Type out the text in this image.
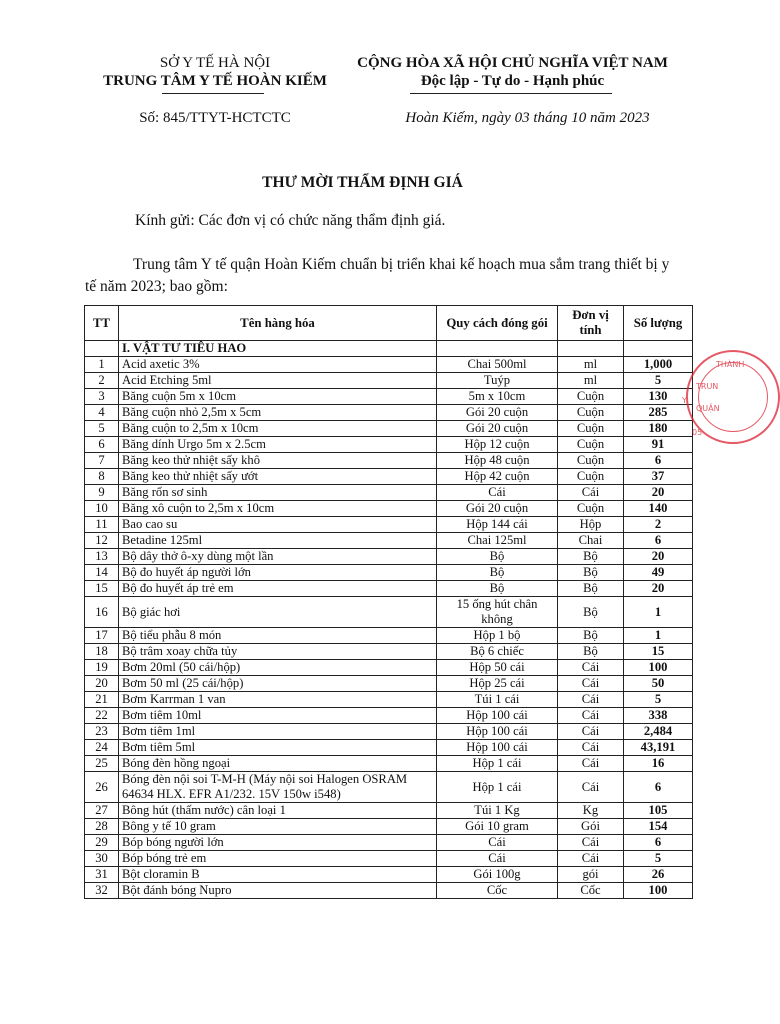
SỞ Y TẾ HÀ NỘI
TRUNG TÂM Y TẾ HOÀN KIẾM
CỘNG HÒA XÃ HỘI CHỦ NGHĨA VIỆT NAM
Độc lập - Tự do - Hạnh phúc
Số: 845/TTYT-HCTCTC	Hoàn Kiếm, ngày 03 tháng 10 năm 2023
THƯ MỜI THẨM ĐỊNH GIÁ
Kính gửi: Các đơn vị có chức năng thẩm định giá.
Trung tâm Y tế quận Hoàn Kiếm chuẩn bị triển khai kế hoạch mua sắm trang thiết bị y tế năm 2023; bao gồm:
TT	Tên hàng hóa	Quy cách đóng gói	Đơn vị tính	Số lượng
	I. VẬT TƯ TIÊU HAO			
1	Acid axetic 3%	Chai 500ml	ml	1,000
2	Acid Etching 5ml	Tuýp	ml	5
3	Băng cuộn 5m x 10cm	5m x 10cm	Cuộn	130
4	Băng cuộn nhỏ 2,5m x 5cm	Gói 20 cuộn	Cuộn	285
5	Băng cuộn to 2,5m x 10cm	Gói 20 cuộn	Cuộn	180
6	Băng dính Urgo 5m x 2.5cm	Hộp 12 cuộn	Cuộn	91
7	Băng keo thử nhiệt sấy khô	Hộp 48 cuộn	Cuộn	6
8	Băng keo thử nhiệt sấy ướt	Hộp 42 cuộn	Cuộn	37
9	Băng rốn sơ sinh	Cái	Cái	20
10	Băng xô cuộn to 2,5m x 10cm	Gói 20 cuộn	Cuộn	140
11	Bao cao su	Hộp 144 cái	Hộp	2
12	Betadine 125ml	Chai 125ml	Chai	6
13	Bộ dây thở ô-xy dùng một lần	Bộ	Bộ	20
14	Bộ đo huyết áp người lớn	Bộ	Bộ	49
15	Bộ đo huyết áp trẻ em	Bộ	Bộ	20
16	Bộ giác hơi	15 ống hút chân không	Bộ	1
17	Bộ tiểu phẫu 8 món	Hộp 1 bộ	Bộ	1
18	Bộ trâm xoay chữa tủy	Bộ 6 chiếc	Bộ	15
19	Bơm 20ml (50 cái/hộp)	Hộp 50 cái	Cái	100
20	Bơm 50 ml (25 cái/hộp)	Hộp 25 cái	Cái	50
21	Bơm Karrman 1 van	Túi 1 cái	Cái	5
22	Bơm tiêm 10ml	Hộp 100 cái	Cái	338
23	Bơm tiêm 1ml	Hộp 100 cái	Cái	2,484
24	Bơm tiêm 5ml	Hộp 100 cái	Cái	43,191
25	Bóng đèn hồng ngoại	Hộp 1 cái	Cái	16
26	Bóng đèn nội soi T-M-H (Máy nội soi Halogen OSRAM 64634 HLX. EFR A1/232. 15V 150w i548)	Hộp 1 cái	Cái	6
27	Bông hút (thấm nước) cân loại 1	Túi 1 Kg	Kg	105
28	Bông y tế 10 gram	Gói 10 gram	Gói	154
29	Bóp bóng người lớn	Cái	Cái	6
30	Bóp bóng trẻ em	Cái	Cái	5
31	Bột cloramin B	Gói 100g	gói	26
32	Bột đánh bóng Nupro	Cốc	Cốc	100
THÀNH
TRUN
QUẬN
Y
05
